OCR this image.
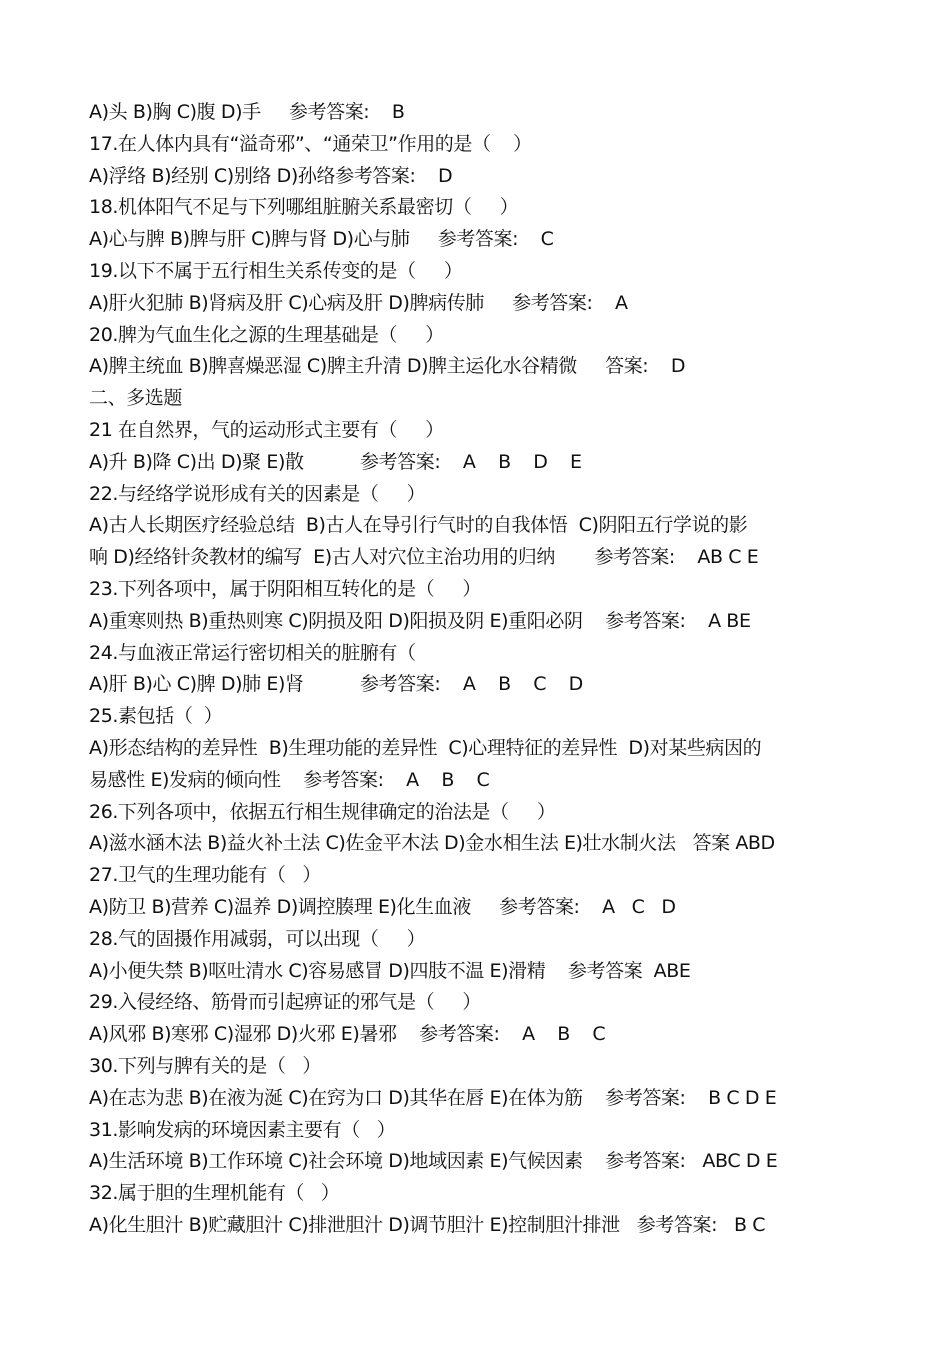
A)头 B)胸 C)腹 D)手     参考答案:    B
17.在人体内具有“溢奇邪”、“通荣卫”作用的是（    ）
A)浮络 B)经别 C)别络 D)孙络参考答案:    D
18.机体阳气不足与下列哪组脏腑关系最密切（     ）
A)心与脾 B)脾与肝 C)脾与肾 D)心与肺     参考答案:    C
19.以下不属于五行相生关系传变的是（     ）
A)肝火犯肺 B)肾病及肝 C)心病及肝 D)脾病传肺     参考答案:    A
20.脾为气血生化之源的生理基础是（     ）
A)脾主统血 B)脾喜燥恶湿 C)脾主升清 D)脾主运化水谷精微     答案:    D
二、多选题
21 在自然界，气的运动形式主要有（     ）
A)升 B)降 C)出 D)聚 E)散          参考答案:    A    B    D    E
22.与经络学说形成有关的因素是（     ）
A)古人长期医疗经验总结  B)古人在导引行气时的自我体悟  C)阴阳五行学说的影
响 D)经络针灸教材的编写  E)古人对穴位主治功用的归纳       参考答案:    AB C E
23.下列各项中，属于阴阳相互转化的是（     ）
A)重寒则热 B)重热则寒 C)阴损及阳 D)阳损及阴 E)重阳必阴    参考答案:    A BE
24.与血液正常运行密切相关的脏腑有（
A)肝 B)心 C)脾 D)肺 E)肾          参考答案:    A    B    C    D
25.素包括（  ）
A)形态结构的差异性  B)生理功能的差异性  C)心理特征的差异性  D)对某些病因的
易感性 E)发病的倾向性    参考答案:    A    B    C
26.下列各项中，依据五行相生规律确定的治法是（     ）
A)滋水涵木法 B)益火补土法 C)佐金平木法 D)金水相生法 E)壮水制火法   答案 ABD
27.卫气的生理功能有（   ）
A)防卫 B)营养 C)温养 D)调控腠理 E)化生血液     参考答案:    A   C   D
28.气的固摄作用减弱，可以出现（     ）
A)小便失禁 B)呕吐清水 C)容易感冒 D)四肢不温 E)滑精    参考答案  ABE
29.入侵经络、筋骨而引起痹证的邪气是（     ）
A)风邪 B)寒邪 C)湿邪 D)火邪 E)暑邪    参考答案:    A    B    C
30.下列与脾有关的是（   ）
A)在志为悲 B)在液为涎 C)在窍为口 D)其华在唇 E)在体为筋    参考答案:    B C D E
31.影响发病的环境因素主要有（   ）
A)生活环境 B)工作环境 C)社会环境 D)地域因素 E)气候因素    参考答案:   ABC D E
32.属于胆的生理机能有（   ）
A)化生胆汁 B)贮藏胆汁 C)排泄胆汁 D)调节胆汁 E)控制胆汁排泄   参考答案:   B C
